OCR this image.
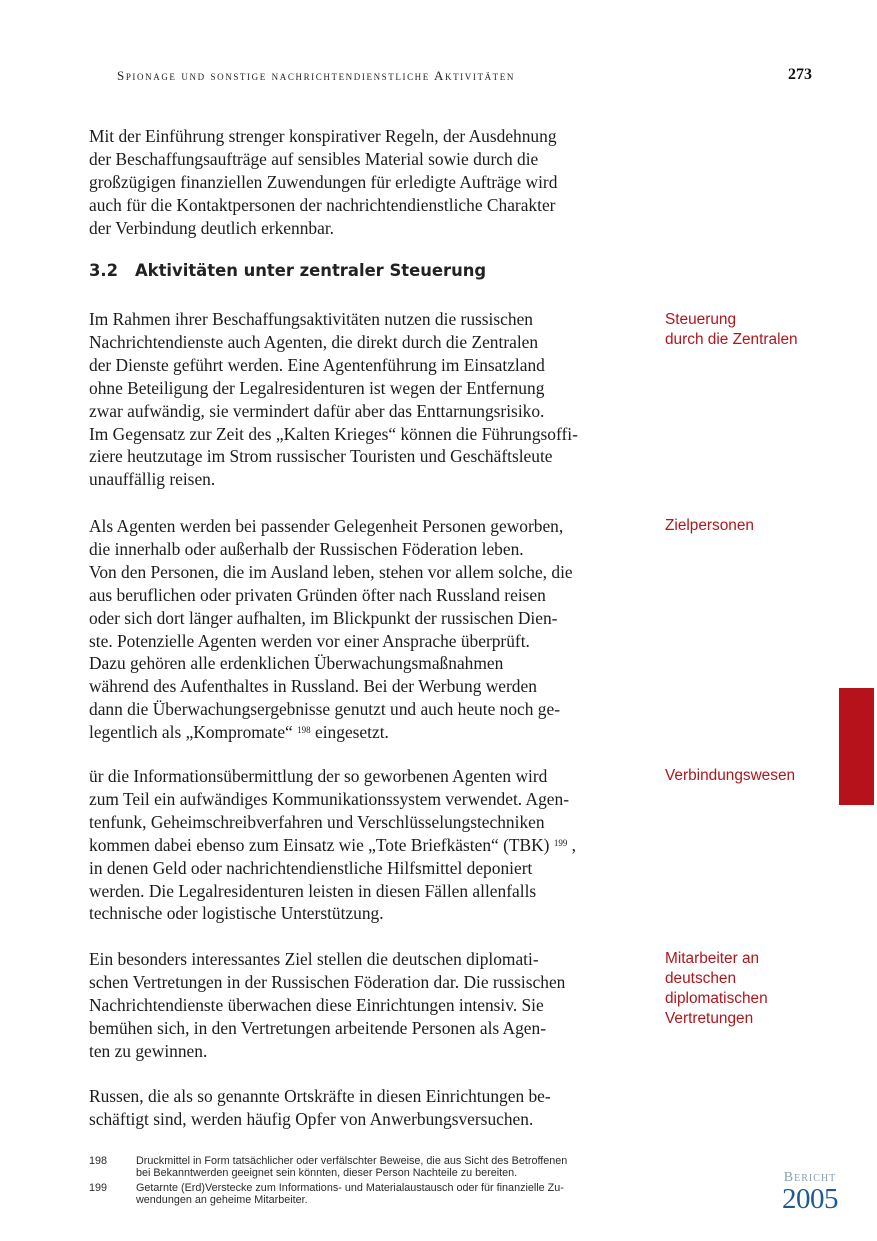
Spionage und sonstige nachrichtendienstliche Aktivitäten	273

Mit der Einführung strenger konspirativer Regeln, der Ausdehnung
der Beschaffungsaufträge auf sensibles Material sowie durch die
großzügigen finanziellen Zuwendungen für erledigte Aufträge wird
auch für die Kontaktpersonen der nachrichtendienstliche Charakter
der Verbindung deutlich erkennbar.

3.2 Aktivitäten unter zentraler Steuerung

Im Rahmen ihrer Beschaffungsaktivitäten nutzen die russischen
Nachrichtendienste auch Agenten, die direkt durch die Zentralen
der Dienste geführt werden. Eine Agentenführung im Einsatzland
ohne Beteiligung der Legalresidenturen ist wegen der Entfernung
zwar aufwändig, sie vermindert dafür aber das Enttarnungsrisiko.
Im Gegensatz zur Zeit des „Kalten Krieges“ können die Führungsoffi-
ziere heutzutage im Strom russischer Touristen und Geschäftsleute
unauffällig reisen.

Steuerung
durch die Zentralen

Als Agenten werden bei passender Gelegenheit Personen geworben,
die innerhalb oder außerhalb der Russischen Föderation leben.
Von den Personen, die im Ausland leben, stehen vor allem solche, die
aus beruflichen oder privaten Gründen öfter nach Russland reisen
oder sich dort länger aufhalten, im Blickpunkt der russischen Dien-
ste. Potenzielle Agenten werden vor einer Ansprache überprüft.
Dazu gehören alle erdenklichen Überwachungsmaßnahmen
während des Aufenthaltes in Russland. Bei der Werbung werden
dann die Überwachungsergebnisse genutzt und auch heute noch ge-
legentlich als „Kompromate“ $^{198}$ eingesetzt.

Zielpersonen

ür die Informationsübermittlung der so geworbenen Agenten wird
zum Teil ein aufwändiges Kommunikationssystem verwendet. Agen-
tenfunk, Geheimschreibverfahren und Verschlüsselungstechniken
kommen dabei ebenso zum Einsatz wie „Tote Briefkästen“ (TBK) $^{199}$ ,
in denen Geld oder nachrichtendienstliche Hilfsmittel deponiert
werden. Die Legalresidenturen leisten in diesen Fällen allenfalls
technische oder logistische Unterstützung.

Verbindungswesen

Ein besonders interessantes Ziel stellen die deutschen diplomati-
schen Vertretungen in der Russischen Föderation dar. Die russischen
Nachrichtendienste überwachen diese Einrichtungen intensiv. Sie
bemühen sich, in den Vertretungen arbeitende Personen als Agen-
ten zu gewinnen.

Mitarbeiter an
deutschen
diplomatischen
Vertretungen

Russen, die als so genannte Ortskräfte in diesen Einrichtungen be-
schäftigt sind, werden häufig Opfer von Anwerbungsversuchen.

198	Druckmittel in Form tatsächlicher oder verfälschter Beweise, die aus Sicht des Betroffenen
bei Bekanntwerden geeignet sein könnten, dieser Person Nachteile zu bereiten.
199	Getarnte (Erd)Verstecke zum Informations- und Materialaustausch oder für finanzielle Zu-
wendungen an geheime Mitarbeiter.
Bericht
2005
